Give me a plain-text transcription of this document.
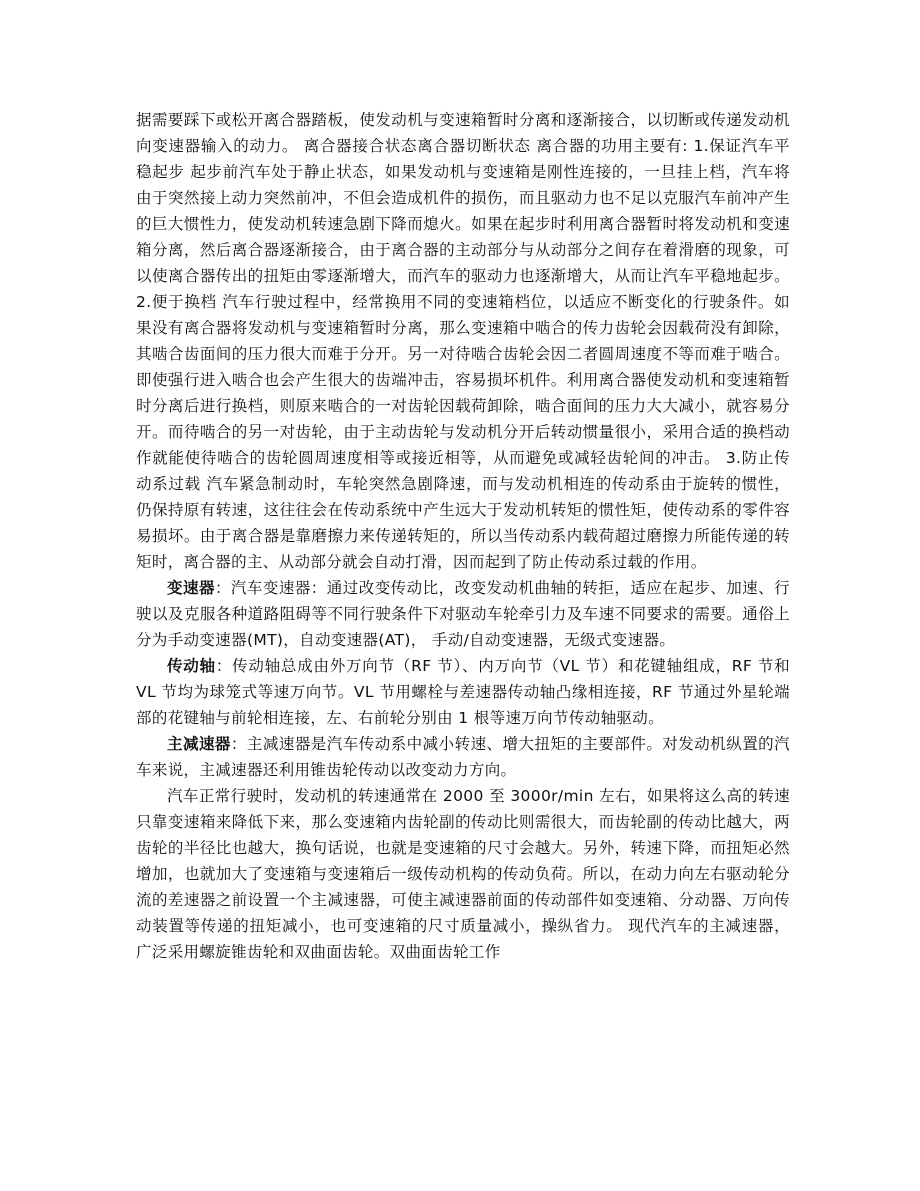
据需要踩下或松开离合器踏板，使发动机与变速箱暂时分离和逐渐接合，以切断或传递发动机向变速器输入的动力。 离合器接合状态离合器切断状态 离合器的功用主要有: 1.保证汽车平稳起步 起步前汽车处于静止状态，如果发动机与变速箱是刚性连接的，一旦挂上档，汽车将由于突然接上动力突然前冲，不但会造成机件的损伤，而且驱动力也不足以克服汽车前冲产生的巨大惯性力，使发动机转速急剧下降而熄火。如果在起步时利用离合器暂时将发动机和变速箱分离，然后离合器逐渐接合，由于离合器的主动部分与从动部分之间存在着滑磨的现象，可以使离合器传出的扭矩由零逐渐增大，而汽车的驱动力也逐渐增大，从而让汽车平稳地起步。 2.便于换档 汽车行驶过程中，经常换用不同的变速箱档位，以适应不断变化的行驶条件。如果没有离合器将发动机与变速箱暂时分离，那么变速箱中啮合的传力齿轮会因载荷没有卸除，其啮合齿面间的压力很大而难于分开。另一对待啮合齿轮会因二者圆周速度不等而难于啮合。即使强行进入啮合也会产生很大的齿端冲击，容易损坏机件。利用离合器使发动机和变速箱暂时分离后进行换档，则原来啮合的一对齿轮因载荷卸除，啮合面间的压力大大减小，就容易分开。而待啮合的另一对齿轮，由于主动齿轮与发动机分开后转动惯量很小，采用合适的换档动作就能使待啮合的齿轮圆周速度相等或接近相等，从而避免或减轻齿轮间的冲击。 3.防止传动系过载 汽车紧急制动时，车轮突然急剧降速，而与发动机相连的传动系由于旋转的惯性，仍保持原有转速，这往往会在传动系统中产生远大于发动机转矩的惯性矩，使传动系的零件容易损坏。由于离合器是靠磨擦力来传递转矩的，所以当传动系内载荷超过磨擦力所能传递的转矩时，离合器的主、从动部分就会自动打滑，因而起到了防止传动系过载的作用。

变速器：汽车变速器：通过改变传动比，改变发动机曲轴的转拒，适应在起步、加速、行驶以及克服各种道路阻碍等不同行驶条件下对驱动车轮牵引力及车速不同要求的需要。通俗上分为手动变速器(MT)，自动变速器(AT)， 手动/自动变速器，无级式变速器。

传动轴：传动轴总成由外万向节（RF 节）、内万向节（VL 节）和花键轴组成，RF 节和 VL 节均为球笼式等速万向节。VL 节用螺栓与差速器传动轴凸缘相连接，RF 节通过外星轮端部的花键轴与前轮相连接，左、右前轮分别由 1 根等速万向节传动轴驱动。

主减速器：主减速器是汽车传动系中减小转速、增大扭矩的主要部件。对发动机纵置的汽车来说，主减速器还利用锥齿轮传动以改变动力方向。

汽车正常行驶时，发动机的转速通常在 2000 至 3000r/min 左右，如果将这么高的转速只靠变速箱来降低下来，那么变速箱内齿轮副的传动比则需很大，而齿轮副的传动比越大，两齿轮的半径比也越大，换句话说，也就是变速箱的尺寸会越大。另外，转速下降，而扭矩必然增加，也就加大了变速箱与变速箱后一级传动机构的传动负荷。所以，在动力向左右驱动轮分流的差速器之前设置一个主减速器，可使主减速器前面的传动部件如变速箱、分动器、万向传动装置等传递的扭矩减小，也可变速箱的尺寸质量减小，操纵省力。 现代汽车的主减速器，广泛采用螺旋锥齿轮和双曲面齿轮。双曲面齿轮工作
